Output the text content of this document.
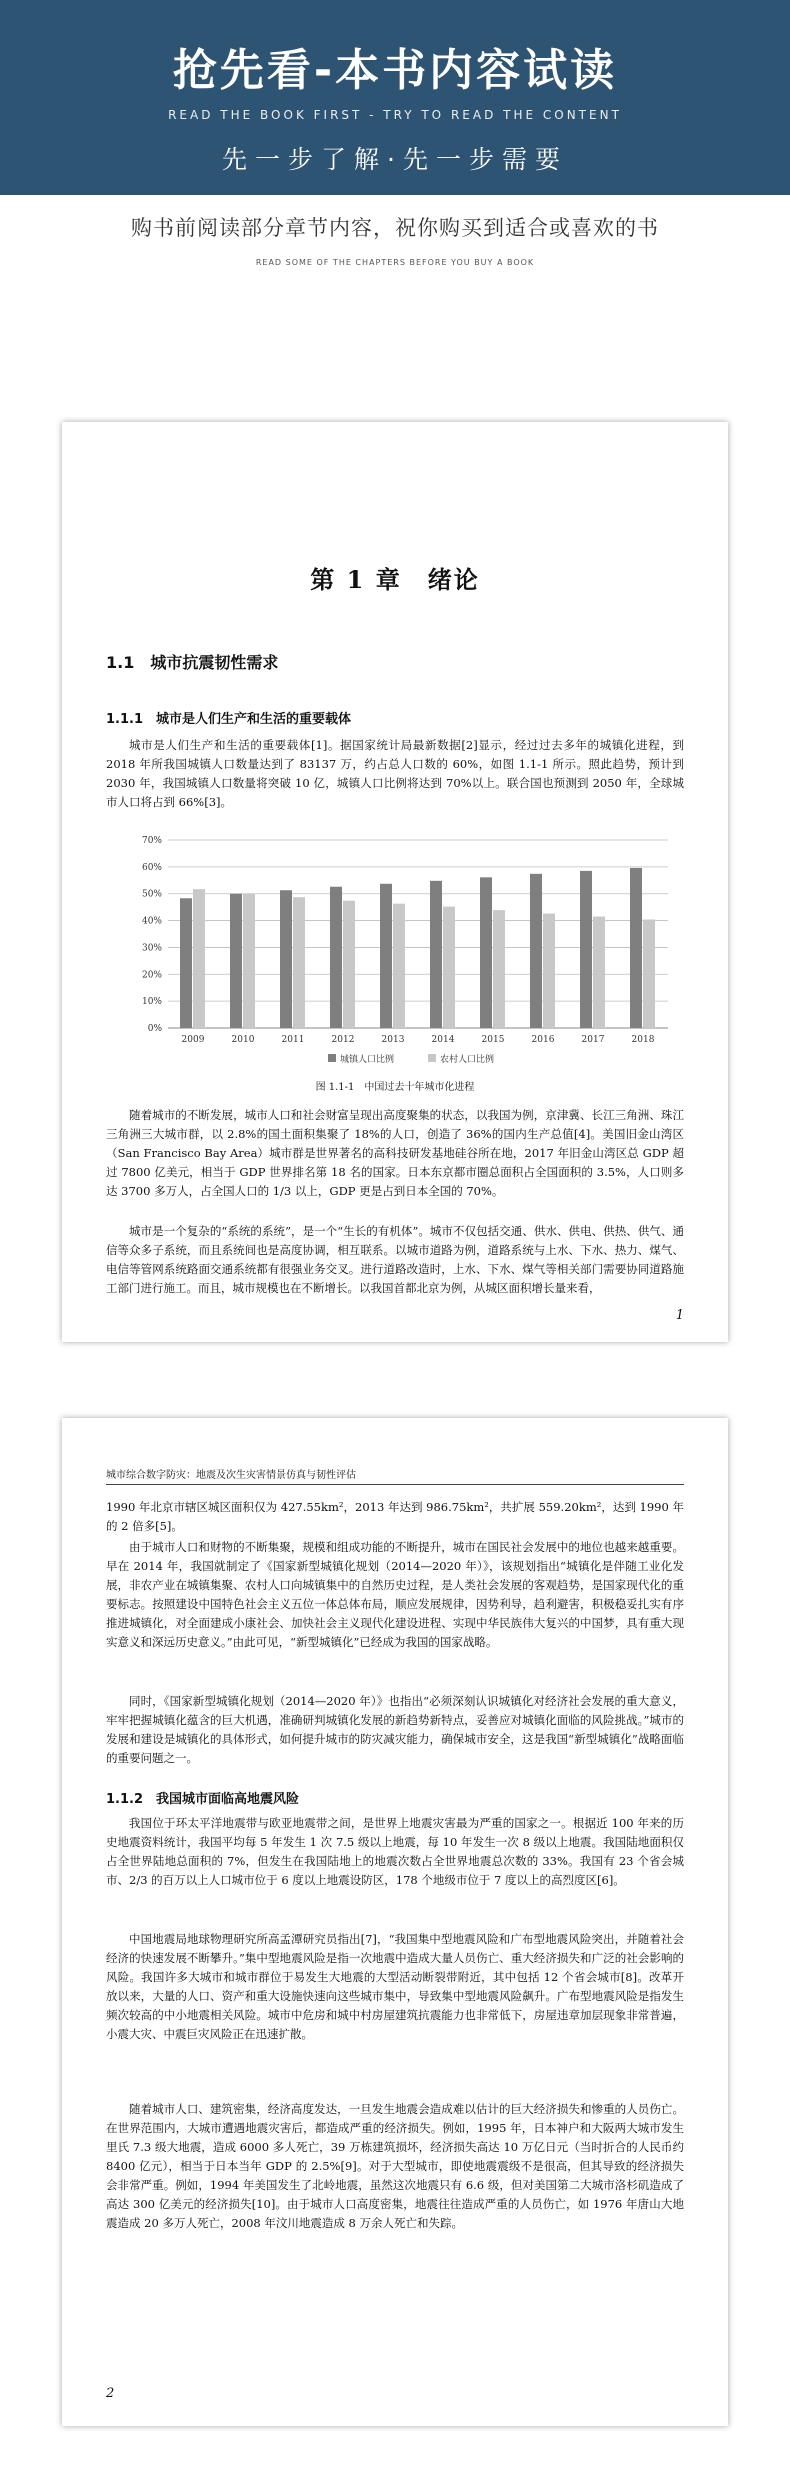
抢先看-本书内容试读
READ THE BOOK FIRST - TRY TO READ THE CONTENT
先一步了解·先一步需要
购书前阅读部分章节内容，祝你购买到适合或喜欢的书
READ SOME OF THE CHAPTERS BEFORE YOU BUY A BOOK
第 1 章　绪论
1.1　城市抗震韧性需求
1.1.1　城市是人们生产和生活的重要载体
城市是人们生产和生活的重要载体[1]。据国家统计局最新数据[2]显示，经过过去多年的城镇化进程，到 2018 年所我国城镇人口数量达到了 83137 万，约占总人口数的 60%，如图 1.1-1 所示。照此趋势，预计到 2030 年，我国城镇人口数量将突破 10 亿，城镇人口比例将达到 70%以上。联合国也预测到 2050 年，全球城市人口将占到 66%[3]。
0%
10%
20%
30%
40%
50%
60%
70%
2009	2010	2011	2012	2013	2014	2015	2016	2017	2018
城镇人口比例	农村人口比例
图 1.1-1　中国过去十年城市化进程
随着城市的不断发展，城市人口和社会财富呈现出高度聚集的状态，以我国为例，京津冀、长江三角洲、珠江三角洲三大城市群，以 2.8%的国土面积集聚了 18%的人口，创造了 36%的国内生产总值[4]。美国旧金山湾区（San Francisco Bay Area）城市群是世界著名的高科技研发基地硅谷所在地，2017 年旧金山湾区总 GDP 超过 7800 亿美元，相当于 GDP 世界排名第 18 名的国家。日本东京都市圈总面积占全国面积的 3.5%，人口则多达 3700 多万人，占全国人口的 1/3 以上，GDP 更是占到日本全国的 70%。
城市是一个复杂的“系统的系统”，是一个“生长的有机体”。城市不仅包括交通、供水、供电、供热、供气、通信等众多子系统，而且系统间也是高度协调，相互联系。以城市道路为例，道路系统与上水、下水、热力、煤气、电信等管网系统路面交通系统都有很强业务交叉。进行道路改造时，上水、下水、煤气等相关部门需要协同道路施工部门进行施工。而且，城市规模也在不断增长。以我国首都北京为例，从城区面积增长量来看，
1
城市综合数字防灾：地震及次生灾害情景仿真与韧性评估
1990 年北京市辖区城区面积仅为 427.55km²，2013 年达到 986.75km²，共扩展 559.20km²，达到 1990 年的 2 倍多[5]。
由于城市人口和财物的不断集聚，规模和组成功能的不断提升，城市在国民社会发展中的地位也越来越重要。早在 2014 年，我国就制定了《国家新型城镇化规划（2014—2020 年）》，该规划指出“城镇化是伴随工业化发展，非农产业在城镇集聚、农村人口向城镇集中的自然历史过程，是人类社会发展的客观趋势，是国家现代化的重要标志。按照建设中国特色社会主义五位一体总体布局，顺应发展规律，因势利导，趋利避害，积极稳妥扎实有序推进城镇化，对全面建成小康社会、加快社会主义现代化建设进程、实现中华民族伟大复兴的中国梦，具有重大现实意义和深远历史意义。”由此可见，“新型城镇化”已经成为我国的国家战略。
同时，《国家新型城镇化规划（2014—2020 年）》也指出“必须深刻认识城镇化对经济社会发展的重大意义，牢牢把握城镇化蕴含的巨大机遇，准确研判城镇化发展的新趋势新特点，妥善应对城镇化面临的风险挑战。”城市的发展和建设是城镇化的具体形式，如何提升城市的防灾减灾能力，确保城市安全，这是我国“新型城镇化”战略面临的重要问题之一。
1.1.2　我国城市面临高地震风险
我国位于环太平洋地震带与欧亚地震带之间，是世界上地震灾害最为严重的国家之一。根据近 100 年来的历史地震资料统计，我国平均每 5 年发生 1 次 7.5 级以上地震，每 10 年发生一次 8 级以上地震。我国陆地面积仅占全世界陆地总面积的 7%，但发生在我国陆地上的地震次数占全世界地震总次数的 33%。我国有 23 个省会城市、2/3 的百万以上人口城市位于 6 度以上地震设防区，178 个地级市位于 7 度以上的高烈度区[6]。
中国地震局地球物理研究所高孟潭研究员指出[7]，“我国集中型地震风险和广布型地震风险突出，并随着社会经济的快速发展不断攀升。”集中型地震风险是指一次地震中造成大量人员伤亡、重大经济损失和广泛的社会影响的风险。我国许多大城市和城市群位于易发生大地震的大型活动断裂带附近，其中包括 12 个省会城市[8]。改革开放以来，大量的人口、资产和重大设施快速向这些城市集中，导致集中型地震风险飙升。广布型地震风险是指发生频次较高的中小地震相关风险。城市中危房和城中村房屋建筑抗震能力也非常低下，房屋违章加层现象非常普遍，小震大灾、中震巨灾风险正在迅速扩散。
随着城市人口、建筑密集，经济高度发达，一旦发生地震会造成难以估计的巨大经济损失和惨重的人员伤亡。在世界范围内，大城市遭遇地震灾害后，都造成严重的经济损失。例如，1995 年，日本神户和大阪两大城市发生里氏 7.3 级大地震，造成 6000 多人死亡，39 万栋建筑损坏，经济损失高达 10 万亿日元（当时折合的人民币约 8400 亿元），相当于日本当年 GDP 的 2.5%[9]。对于大型城市，即使地震震级不是很高，但其导致的经济损失会非常严重。例如，1994 年美国发生了北岭地震，虽然这次地震只有 6.6 级，但对美国第二大城市洛杉矶造成了高达 300 亿美元的经济损失[10]。由于城市人口高度密集，地震往往造成严重的人员伤亡，如 1976 年唐山大地震造成 20 多万人死亡，2008 年汶川地震造成 8 万余人死亡和失踪。
2
